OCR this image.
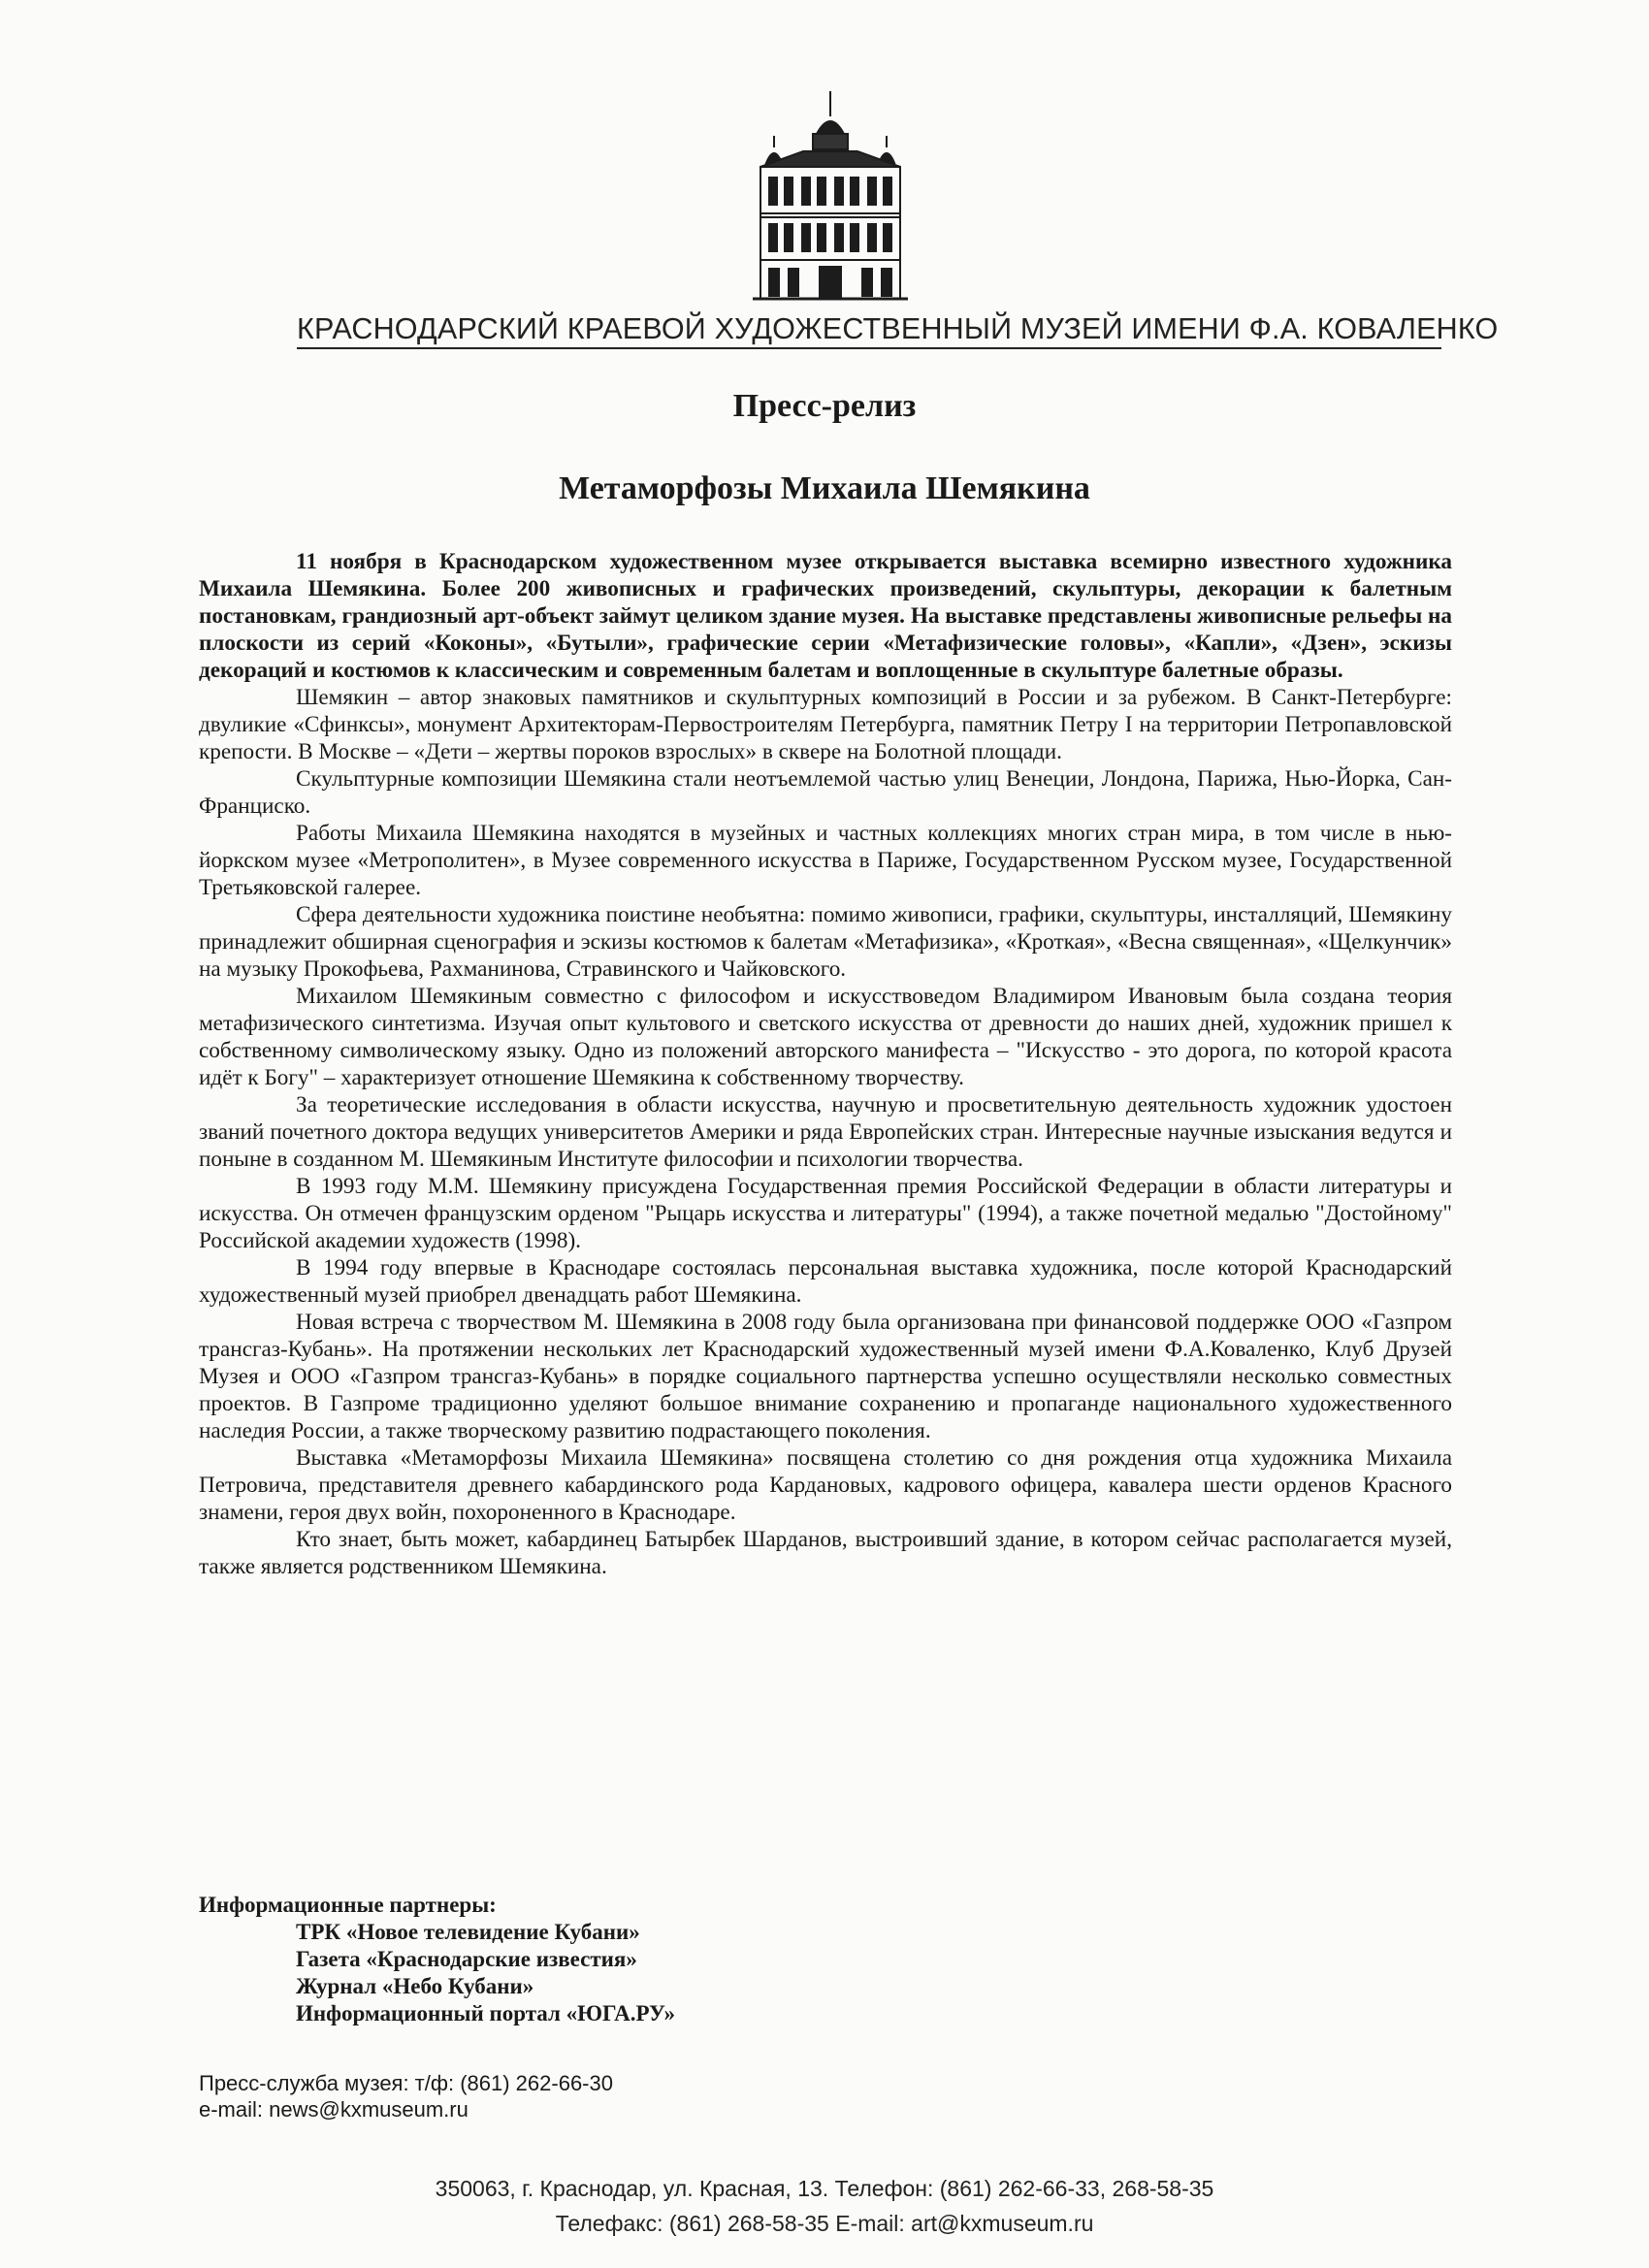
КРАСНОДАРСКИЙ КРАЕВОЙ ХУДОЖЕСТВЕННЫЙ МУЗЕЙ ИМЕНИ Ф.А. КОВАЛЕНКО
Пресс-релиз
Метаморфозы Михаила Шемякина

11 ноября в Краснодарском художественном музее открывается выставка всемирно известного художника Михаила Шемякина. Более 200 живописных и графических произведений, скульптуры, декорации к балетным постановкам, грандиозный арт-объект займут целиком здание музея. На выставке представлены живописные рельефы на плоскости из серий «Коконы», «Бутыли», графические серии «Метафизические головы», «Капли», «Дзен», эскизы декораций и костюмов к классическим и современным балетам и воплощенные в скульптуре балетные образы.

Шемякин – автор знаковых памятников и скульптурных композиций в России и за рубежом. В Санкт-Петербурге: двуликие «Сфинксы», монумент Архитекторам-Первостроителям Петербурга, памятник Петру I на территории Петропавловской крепости. В Москве – «Дети – жертвы пороков взрослых» в сквере на Болотной площади.

Скульптурные композиции Шемякина стали неотъемлемой частью улиц Венеции, Лондона, Парижа, Нью-Йорка, Сан-Франциско.

Работы Михаила Шемякина находятся в музейных и частных коллекциях многих стран мира, в том числе в нью-йоркском музее «Метрополитен», в Музее современного искусства в Париже, Государственном Русском музее, Государственной Третьяковской галерее.

Сфера деятельности художника поистине необъятна: помимо живописи, графики, скульптуры, инсталляций, Шемякину принадлежит обширная сценография и эскизы костюмов к балетам «Метафизика», «Кроткая», «Весна священная», «Щелкунчик» на музыку Прокофьева, Рахманинова, Стравинского и Чайковского.

Михаилом Шемякиным совместно с философом и искусствоведом Владимиром Ивановым была создана теория метафизического синтетизма. Изучая опыт культового и светского искусства от древности до наших дней, художник пришел к собственному символическому языку. Одно из положений авторского манифеста – "Искусство - это дорога, по которой красота идёт к Богу" – характеризует отношение Шемякина к собственному творчеству.

За теоретические исследования в области искусства, научную и просветительную деятельность художник удостоен званий почетного доктора ведущих университетов Америки и ряда Европейских стран. Интересные научные изыскания ведутся и поныне в созданном М. Шемякиным Институте философии и психологии творчества.

В 1993 году М.М. Шемякину присуждена Государственная премия Российской Федерации в области литературы и искусства. Он отмечен французским орденом "Рыцарь искусства и литературы" (1994), а также почетной медалью "Достойному" Российской академии художеств (1998).

В 1994 году впервые в Краснодаре состоялась персональная выставка художника, после которой Краснодарский художественный музей приобрел двенадцать работ Шемякина.

Новая встреча с творчеством М. Шемякина в 2008 году была организована при финансовой поддержке ООО «Газпром трансгаз-Кубань». На протяжении нескольких лет Краснодарский художественный музей имени Ф.А.Коваленко, Клуб Друзей Музея и ООО «Газпром трансгаз-Кубань» в порядке социального партнерства успешно осуществляли несколько совместных проектов. В Газпроме традиционно уделяют большое внимание сохранению и пропаганде национального художественного наследия России, а также творческому развитию подрастающего поколения.

Выставка «Метаморфозы Михаила Шемякина» посвящена столетию со дня рождения отца художника Михаила Петровича, представителя древнего кабардинского рода Кардановых, кадрового офицера, кавалера шести орденов Красного знамени, героя двух войн, похороненного в Краснодаре.

Кто знает, быть может, кабардинец Батырбек Шарданов, выстроивший здание, в котором сейчас располагается музей, также является родственником Шемякина.

Информационные партнеры:

ТРК «Новое телевидение Кубани»
Газета «Краснодарские известия»
Журнал «Небо Кубани»
Информационный портал «ЮГА.РУ»
Пресс-служба музея: т/ф: (861) 262-66-30
e-mail: news@kxmuseum.ru
350063, г. Краснодар, ул. Красная, 13. Телефон: (861) 262-66-33, 268-58-35
Телефакс: (861) 268-58-35 E-mail: art@kxmuseum.ru
